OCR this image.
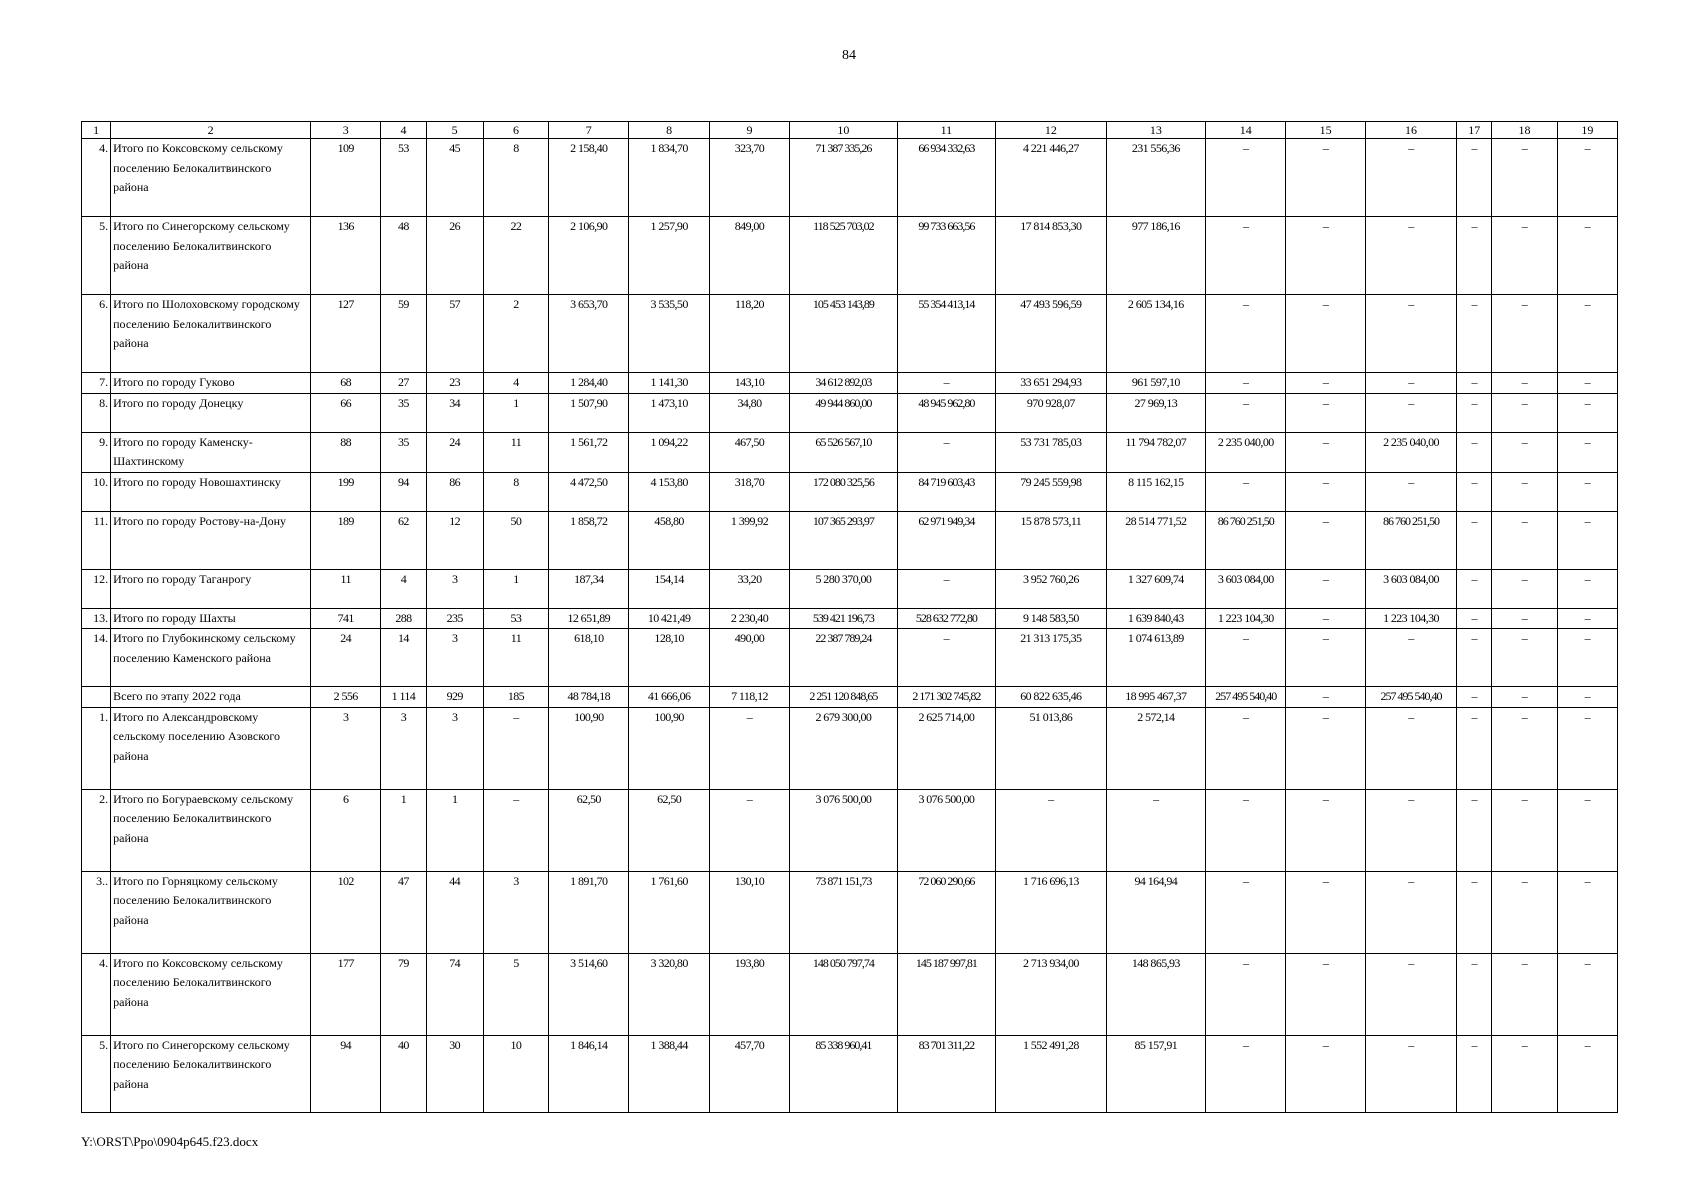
84
1	2	3	4	5	6	7	8	9	10	11	12	13	14	15	16	17	18	19
4.	Итого по Коксовскому сельскому поселению Белокалитвинского района	109	53	45	8	2 158,40	1 834,70	323,70	71 387 335,26	66 934 332,63	4 221 446,27	231 556,36	–	–	–	–	–	–
5.	Итого по Синегорскому сельскому поселению Белокалитвинского района	136	48	26	22	2 106,90	1 257,90	849,00	118 525 703,02	99 733 663,56	17 814 853,30	977 186,16	–	–	–	–	–	–
6.	Итого по Шолоховскому городскому поселению Белокалитвинского района	127	59	57	2	3 653,70	3 535,50	118,20	105 453 143,89	55 354 413,14	47 493 596,59	2 605 134,16	–	–	–	–	–	–
7.	Итого по городу Гуково	68	27	23	4	1 284,40	1 141,30	143,10	34 612 892,03	–	33 651 294,93	961 597,10	–	–	–	–	–	–
8.	Итого по городу Донецку	66	35	34	1	1 507,90	1 473,10	34,80	49 944 860,00	48 945 962,80	970 928,07	27 969,13	–	–	–	–	–	–
9.	Итого по городу Каменску-Шахтинскому	88	35	24	11	1 561,72	1 094,22	467,50	65 526 567,10	–	53 731 785,03	11 794 782,07	2 235 040,00	–	2 235 040,00	–	–	–
10.	Итого по городу Новошахтинску	199	94	86	8	4 472,50	4 153,80	318,70	172 080 325,56	84 719 603,43	79 245 559,98	8 115 162,15	–	–	–	–	–	–
11.	Итого по городу Ростову-на-Дону	189	62	12	50	1 858,72	458,80	1 399,92	107 365 293,97	62 971 949,34	15 878 573,11	28 514 771,52	86 760 251,50	–	86 760 251,50	–	–	–
12.	Итого по городу Таганрогу	11	4	3	1	187,34	154,14	33,20	5 280 370,00	–	3 952 760,26	1 327 609,74	3 603 084,00	–	3 603 084,00	–	–	–
13.	Итого по городу Шахты	741	288	235	53	12 651,89	10 421,49	2 230,40	539 421 196,73	528 632 772,80	9 148 583,50	1 639 840,43	1 223 104,30	–	1 223 104,30	–	–	–
14.	Итого по Глубокинскому сельскому поселению Каменского района	24	14	3	11	618,10	128,10	490,00	22 387 789,24	–	21 313 175,35	1 074 613,89	–	–	–	–	–	–
	Всего по этапу 2022 года	2 556	1 114	929	185	48 784,18	41 666,06	7 118,12	2 251 120 848,65	2 171 302 745,82	60 822 635,46	18 995 467,37	257 495 540,40	–	257 495 540,40	–	–	–
1.	Итого по Александровскому сельскому поселению Азовского района	3	3	3	–	100,90	100,90	–	2 679 300,00	2 625 714,00	51 013,86	2 572,14	–	–	–	–	–	–
2.	Итого по Богураевскому сельскому поселению Белокалитвинского района	6	1	1	–	62,50	62,50	–	3 076 500,00	3 076 500,00	–	–	–	–	–	–	–	–
3..	Итого по Горняцкому сельскому поселению Белокалитвинского района	102	47	44	3	1 891,70	1 761,60	130,10	73 871 151,73	72 060 290,66	1 716 696,13	94 164,94	–	–	–	–	–	–
4.	Итого по Коксовскому сельскому поселению Белокалитвинского района	177	79	74	5	3 514,60	3 320,80	193,80	148 050 797,74	145 187 997,81	2 713 934,00	148 865,93	–	–	–	–	–	–
5.	Итого по Синегорскому сельскому поселению Белокалитвинского района	94	40	30	10	1 846,14	1 388,44	457,70	85 338 960,41	83 701 311,22	1 552 491,28	85 157,91	–	–	–	–	–	–
Y:\ORST\Ppo\0904p645.f23.docx
